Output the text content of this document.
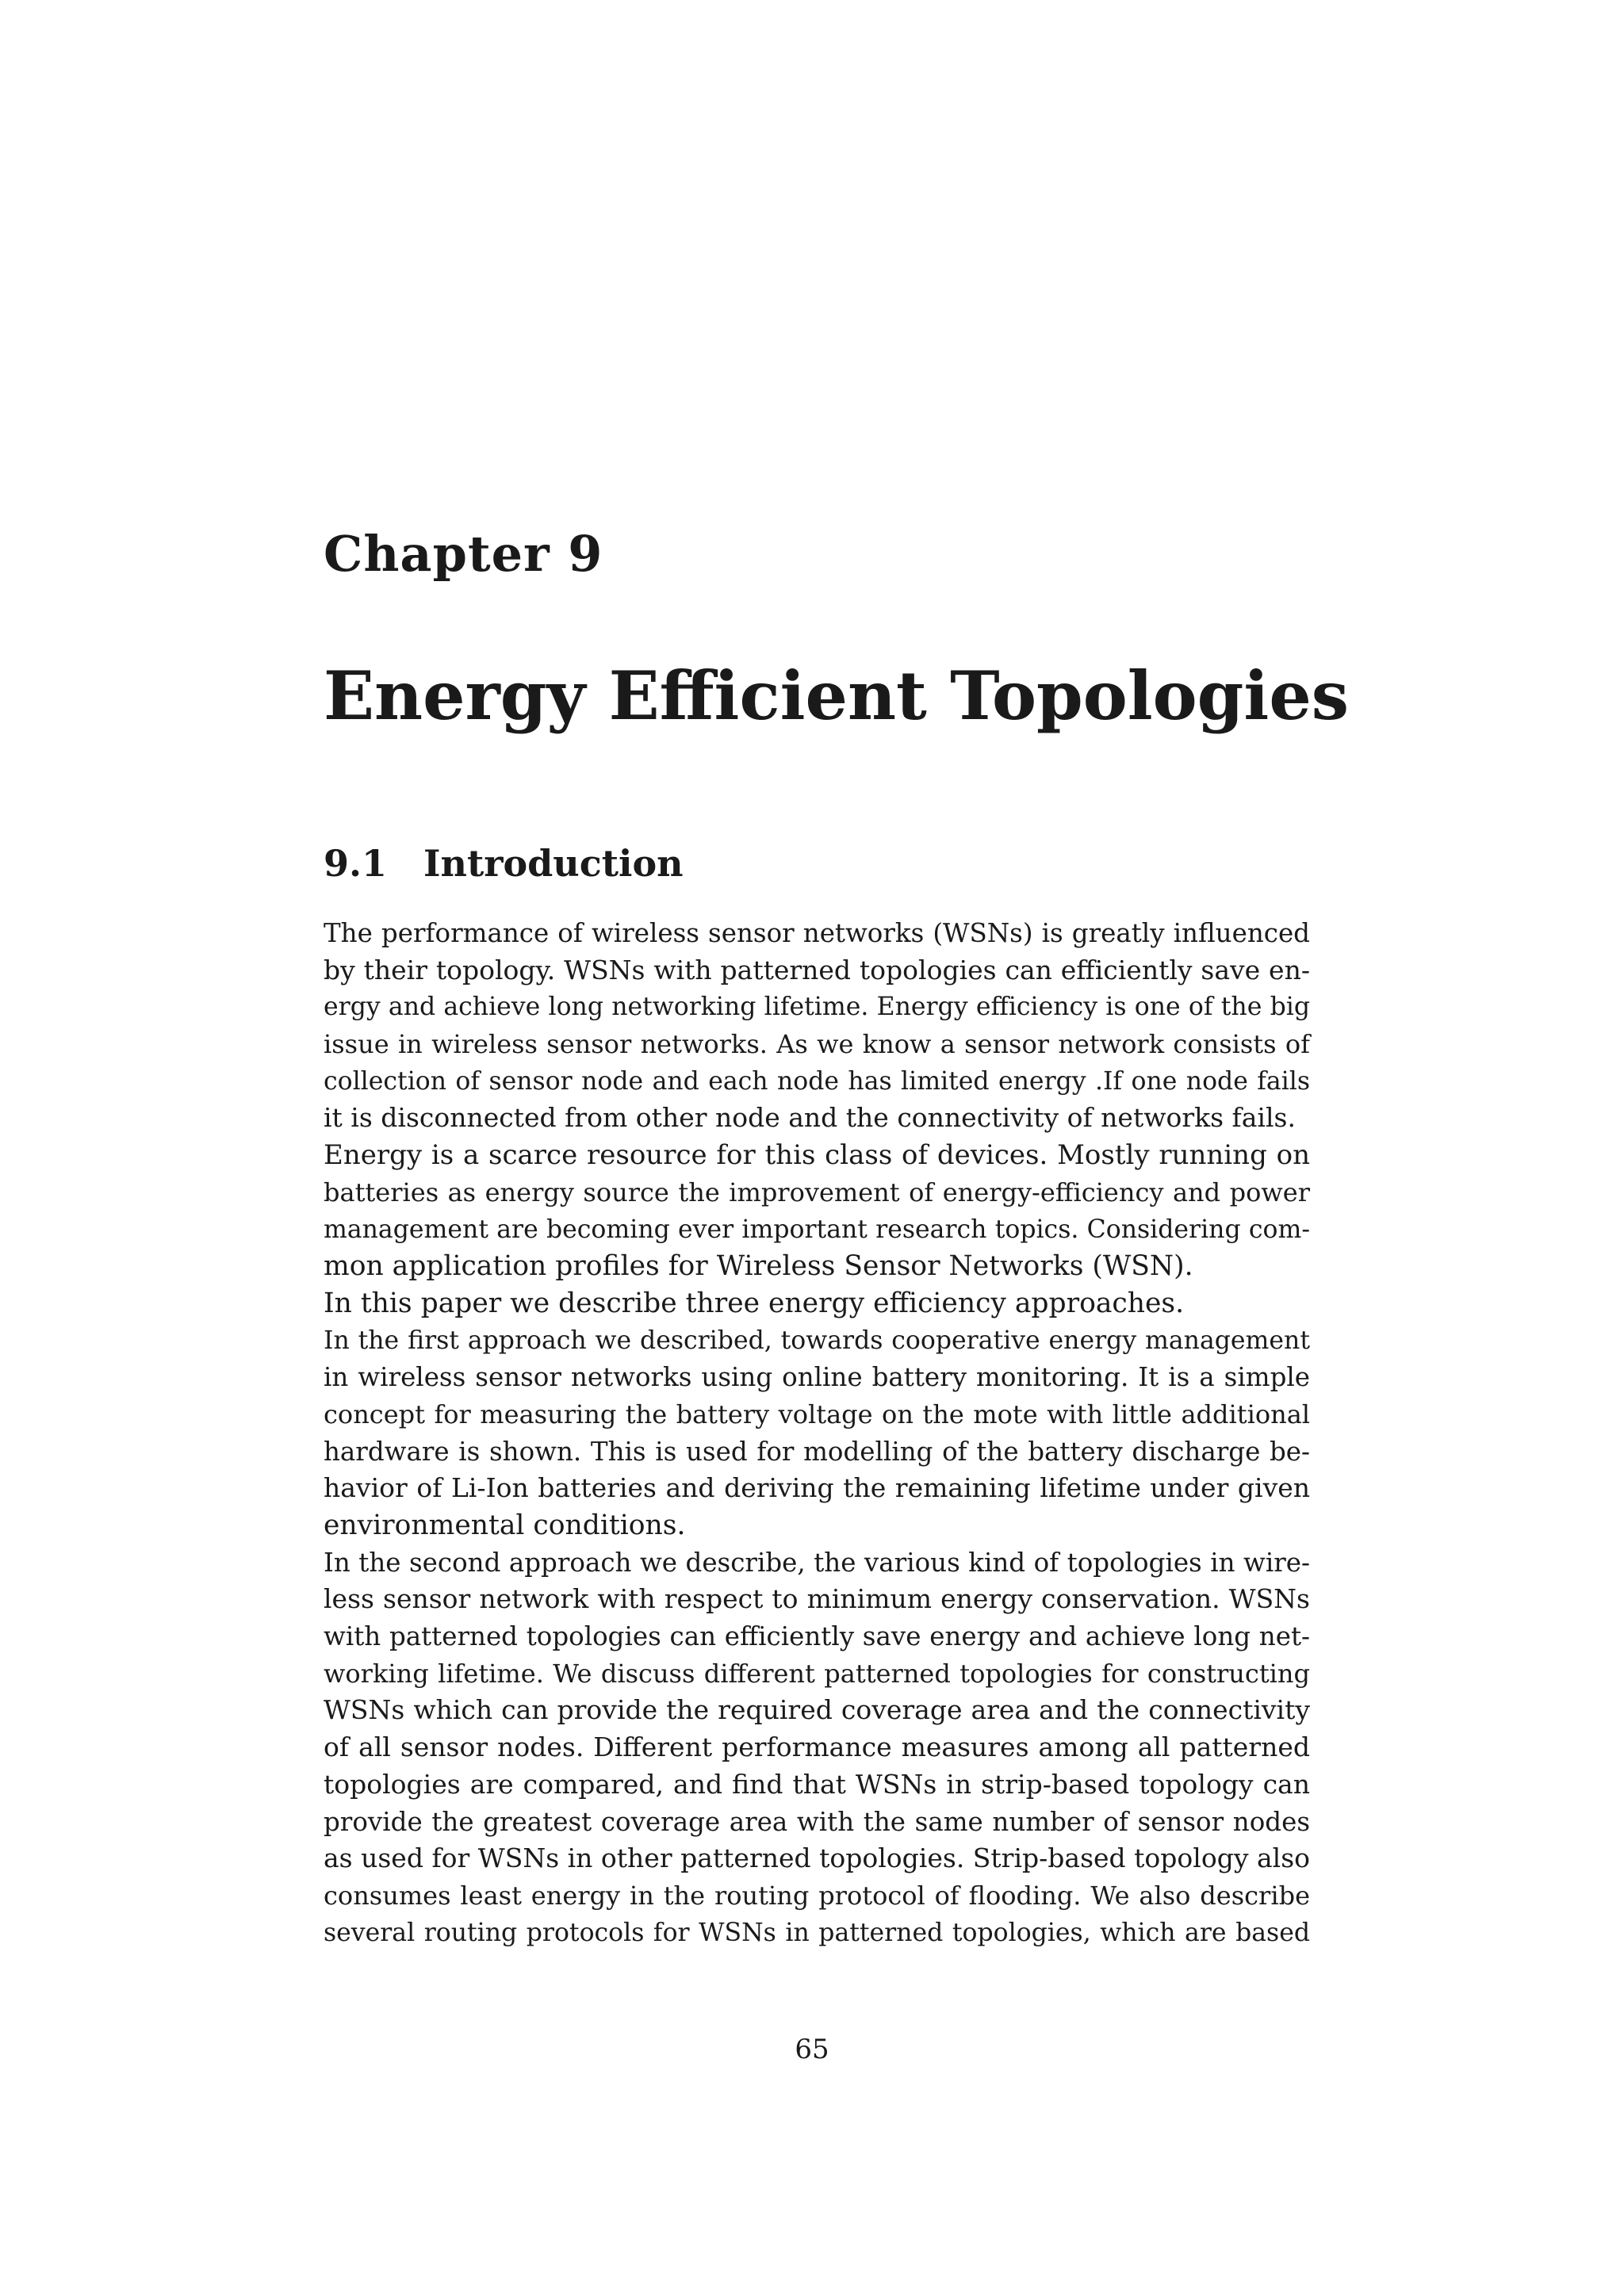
Chapter 9
Energy Efficient Topologies
9.1 Introduction
The performance of wireless sensor networks (WSNs) is greatly influenced
by their topology. WSNs with patterned topologies can efficiently save en-
ergy and achieve long networking lifetime. Energy efficiency is one of the big
issue in wireless sensor networks. As we know a sensor network consists of
collection of sensor node and each node has limited energy .If one node fails
it is disconnected from other node and the connectivity of networks fails.
Energy is a scarce resource for this class of devices. Mostly running on
batteries as energy source the improvement of energy-efficiency and power
management are becoming ever important research topics. Considering com-
mon application profiles for Wireless Sensor Networks (WSN).
In this paper we describe three energy efficiency approaches.
In the first approach we described, towards cooperative energy management
in wireless sensor networks using online battery monitoring. It is a simple
concept for measuring the battery voltage on the mote with little additional
hardware is shown. This is used for modelling of the battery discharge be-
havior of Li-Ion batteries and deriving the remaining lifetime under given
environmental conditions.
In the second approach we describe, the various kind of topologies in wire-
less sensor network with respect to minimum energy conservation. WSNs
with patterned topologies can efficiently save energy and achieve long net-
working lifetime. We discuss different patterned topologies for constructing
WSNs which can provide the required coverage area and the connectivity
of all sensor nodes. Different performance measures among all patterned
topologies are compared, and find that WSNs in strip-based topology can
provide the greatest coverage area with the same number of sensor nodes
as used for WSNs in other patterned topologies. Strip-based topology also
consumes least energy in the routing protocol of flooding. We also describe
several routing protocols for WSNs in patterned topologies, which are based
65
